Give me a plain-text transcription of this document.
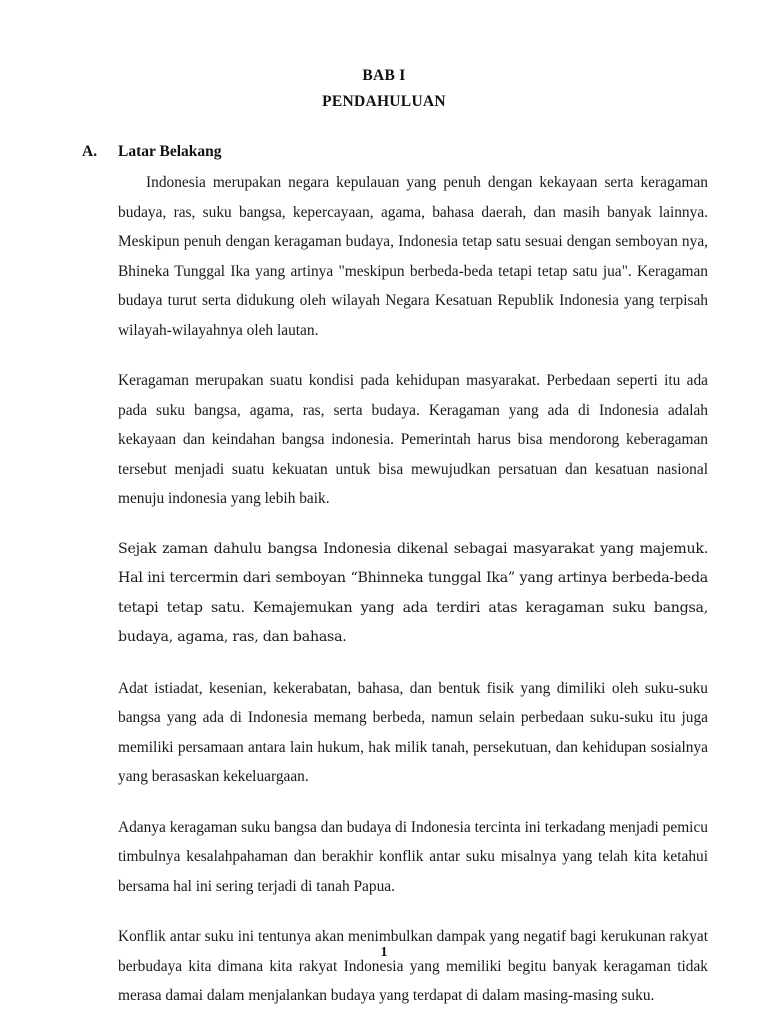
BAB I
PENDAHULUAN
A. Latar Belakang

Indonesia merupakan negara kepulauan yang penuh dengan kekayaan serta keragaman budaya, ras, suku bangsa, kepercayaan, agama, bahasa daerah, dan masih banyak lainnya. Meskipun penuh dengan keragaman budaya, Indonesia tetap satu sesuai dengan semboyan nya, Bhineka Tunggal Ika yang artinya "meskipun berbeda-beda tetapi tetap satu jua". Keragaman budaya turut serta didukung oleh wilayah Negara Kesatuan Republik Indonesia yang terpisah wilayah-wilayahnya oleh lautan.

Keragaman merupakan suatu kondisi pada kehidupan masyarakat. Perbedaan seperti itu ada pada suku bangsa, agama, ras, serta budaya. Keragaman yang ada di Indonesia adalah kekayaan dan keindahan bangsa indonesia. Pemerintah harus bisa mendorong keberagaman tersebut menjadi suatu kekuatan untuk bisa mewujudkan persatuan dan kesatuan nasional menuju indonesia yang lebih baik.

Sejak zaman dahulu bangsa Indonesia dikenal sebagai masyarakat yang majemuk. Hal ini tercermin dari semboyan “Bhinneka tunggal Ika” yang artinya berbeda-beda tetapi tetap satu. Kemajemukan yang ada terdiri atas keragaman suku bangsa, budaya, agama, ras, dan bahasa.

Adat istiadat, kesenian, kekerabatan, bahasa, dan bentuk fisik yang dimiliki oleh suku-suku bangsa yang ada di Indonesia memang berbeda, namun selain perbedaan suku-suku itu juga memiliki persamaan antara lain hukum, hak milik tanah, persekutuan, dan kehidupan sosialnya yang berasaskan kekeluargaan.

Adanya keragaman suku bangsa dan budaya di Indonesia tercinta ini terkadang menjadi pemicu timbulnya kesalahpahaman dan berakhir konflik antar suku misalnya yang telah kita ketahui bersama hal ini sering terjadi di tanah Papua.

Konflik antar suku ini tentunya akan menimbulkan dampak yang negatif bagi kerukunan rakyat berbudaya kita dimana kita rakyat Indonesia yang memiliki begitu banyak keragaman tidak merasa damai dalam menjalankan budaya yang terdapat di dalam masing-masing suku.

1
